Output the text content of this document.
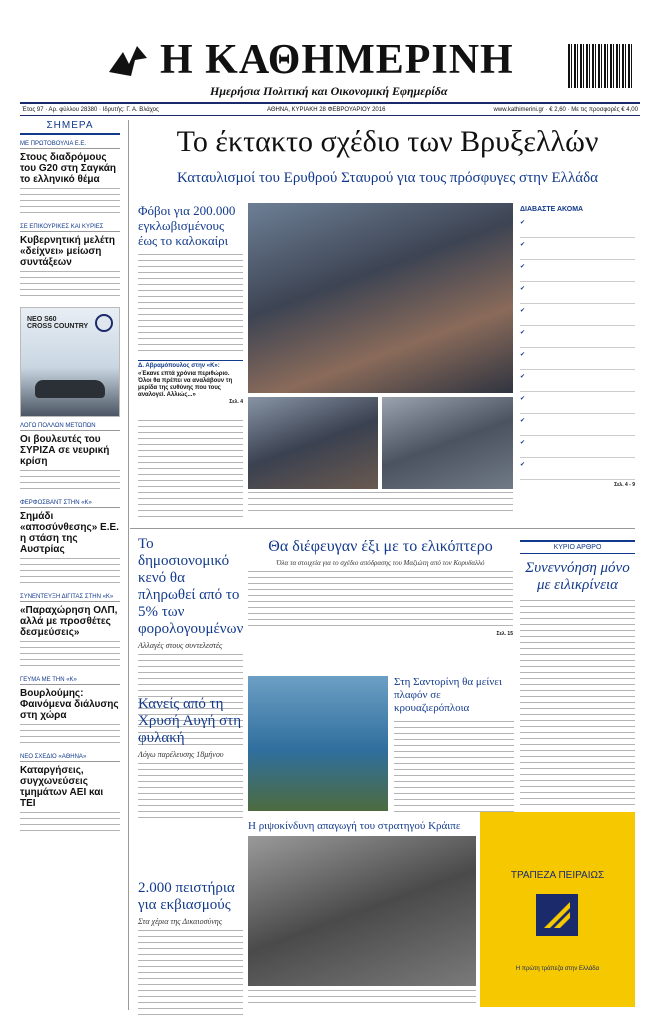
Η ΚΑΘΗΜΕΡΙΝΗ
Ημερήσια Πολιτική και Οικονομική Εφημερίδα
Έτος 97 · Αρ. φύλλου 28380 · Ιδρυτής: Γ. Α. Βλάχος	ΑΘΗΝΑ, ΚΥΡΙΑΚΗ 28 ΦΕΒΡΟΥΑΡΙΟΥ 2016	www.kathimerini.gr · € 2,60 · Με τις προσφορές € 4,00
ΣΗΜΕΡΑ
ΜΕ ΠΡΩΤΟΒΟΥΛΙΑ Ε.Ε.
Στους διαδρόμους του G20 στη Σαγκάη το ελληνικό θέμα
ΣΕ ΕΠΙΚΟΥΡΙΚΕΣ ΚΑΙ ΚΥΡΙΕΣ
Κυβερνητική μελέτη «δείχνει» μείωση συντάξεων
NEO S60
CROSS COUNTRY
ΛΟΓΩ ΠΟΛΛΩΝ ΜΕΤΩΠΩΝ
Οι βουλευτές του ΣΥΡΙΖΑ σε νευρική κρίση
ΦΕΡΦΟΣΒΑΝΤ ΣΤΗΝ «Κ»
Σημάδι «αποσύνθεσης» Ε.Ε. η στάση της Αυστρίας
ΣΥΝΕΝΤΕΥΞΗ ΔΙΓΙΤΑΣ ΣΤΗΝ «Κ»
«Παραχώρηση ΟΛΠ, αλλά με προσθέτες δεσμεύσεις»
ΓΕΥΜΑ ΜΕ ΤΗΝ «Κ»
Βουρλούμης: Φαινόμενα διάλυσης στη χώρα
ΝΕΟ ΣΧΕΔΙΟ «ΑΘΗΝΑ»
Καταργήσεις, συγχωνεύσεις τμημάτων ΑΕΙ και ΤΕΙ
Το έκτακτο σχέδιο των Βρυξελλών
Καταυλισμοί του Ερυθρού Σταυρού για τους πρόσφυγες στην Ελλάδα
Φόβοι για 200.000 εγκλωβισμένους έως το καλοκαίρι
Δ. Αβραμόπουλος στην «Κ»:
«Έκανε επτά χρόνια περιθώριο. Όλοι θα πρέπει να αναλάβουν τη μερίδα της ευθύνης που τους αναλογεί. Αλλιώς...»
Σελ. 4
ΔΙΑΒΑΣΤΕ ΑΚΟΜΑ
✔
✔
✔
✔
✔
✔
✔
✔
✔
✔
✔
✔
Σελ. 4 - 9
Το δημοσιονομικό κενό θα πληρωθεί από το 5% των φορολογουμένων
Αλλαγές στους συντελεστές
Θα διέφευγαν έξι με το ελικόπτερο
Όλα τα στοιχεία για το σχέδιο απόδρασης του Μαζιώτη από τον Κορυδαλλό
Σελ. 15
ΚΥΡΙΟ ΑΡΘΡΟ
Συνεννόηση μόνο με ειλικρίνεια
Κανείς από τη Χρυσή Αυγή στη φυλακή
Λόγω παρέλευσης 18μήνου
Στη Σαντορίνη θα μείνει πλαφόν σε κρουαζιερόπλοια
2.000 πειστήρια για εκβιασμούς
Στα χέρια της Δικαιοσύνης
Η ριψοκίνδυνη απαγωγή του στρατηγού Κράιπε
ΤΡΑΠΕΖΑ ΠΕΙΡΑΙΩΣ
Η πρώτη τράπεζα στην Ελλάδα
